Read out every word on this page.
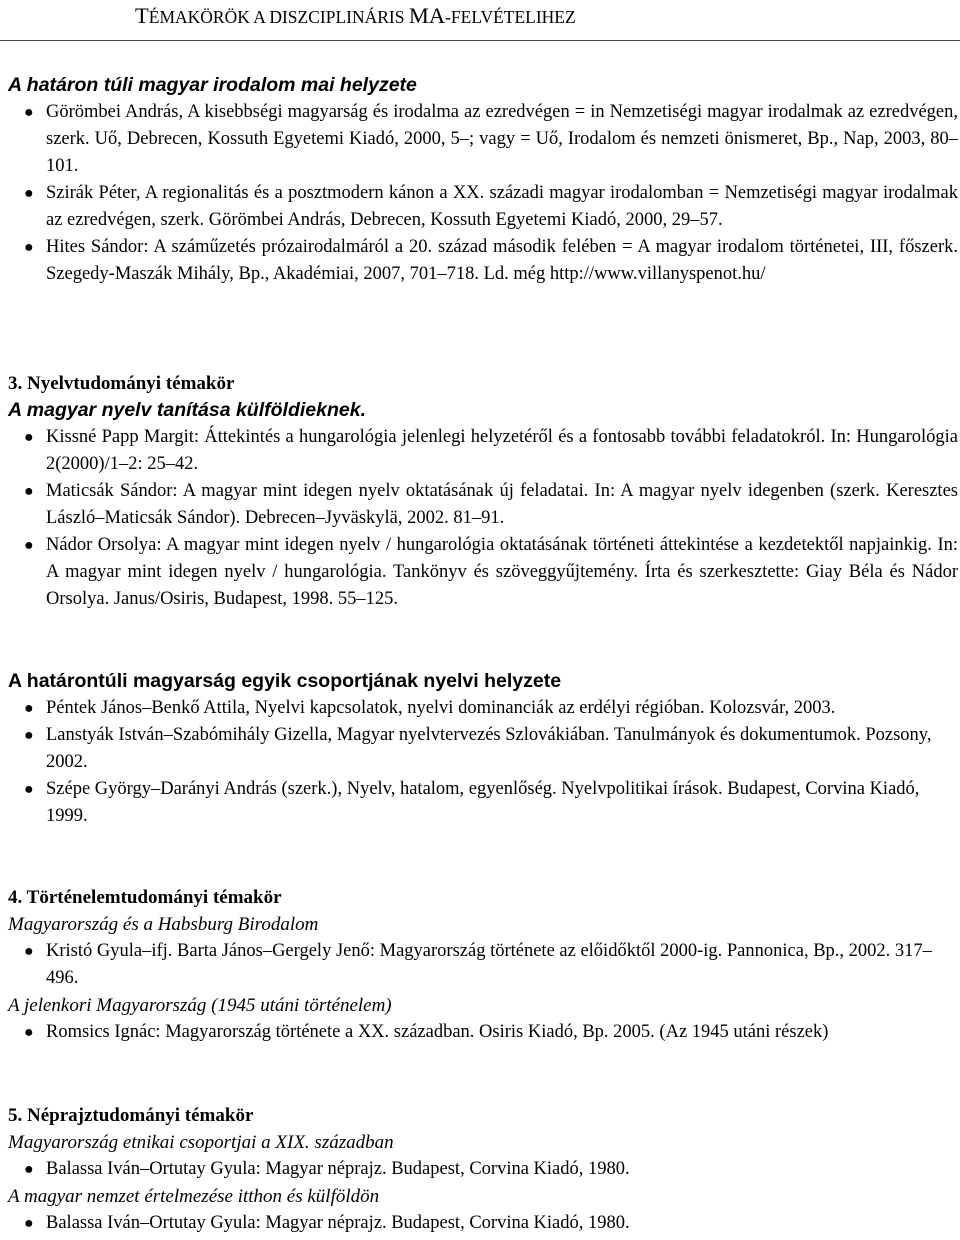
TÉMAKÖRÖK A DISZCIPLINÁRIS MA-FELVÉTELIHEZ
A határon túli magyar irodalom mai helyzete
● Görömbei András, A kisebbségi magyarság és irodalma az ezredvégen = in Nemzetiségi magyar irodalmak az ezredvégen, szerk. Uő, Debrecen, Kossuth Egyetemi Kiadó, 2000, 5–; vagy = Uő, Irodalom és nemzeti önismeret, Bp., Nap, 2003, 80–101.
● Szirák Péter, A regionalitás és a posztmodern kánon a XX. századi magyar irodalomban = Nemzetiségi magyar irodalmak az ezredvégen, szerk. Görömbei András, Debrecen, Kossuth Egyetemi Kiadó, 2000, 29–57.
● Hites Sándor: A száműzetés prózairodalmáról a 20. század második felében = A magyar irodalom történetei, III, főszerk. Szegedy-Maszák Mihály, Bp., Akadémiai, 2007, 701–718. Ld. még http://www.villanyspenot.hu/
3. Nyelvtudományi témakör
A magyar nyelv tanítása külföldieknek.
● Kissné Papp Margit: Áttekintés a hungarológia jelenlegi helyzetéről és a fontosabb további feladatokról. In: Hungarológia 2(2000)/1–2: 25–42.
● Maticsák Sándor: A magyar mint idegen nyelv oktatásának új feladatai. In: A magyar nyelv idegenben (szerk. Keresztes László–Maticsák Sándor). Debrecen–Jyväskylä, 2002. 81–91.
● Nádor Orsolya: A magyar mint idegen nyelv / hungarológia oktatásának történeti áttekintése a kezdetektől napjainkig. In: A magyar mint idegen nyelv / hungarológia. Tankönyv és szöveggyűjtemény. Írta és szerkesztette: Giay Béla és Nádor Orsolya. Janus/Osiris, Budapest, 1998. 55–125.
A határontúli magyarság egyik csoportjának nyelvi helyzete
● Péntek János–Benkő Attila, Nyelvi kapcsolatok, nyelvi dominanciák az erdélyi régióban. Kolozsvár, 2003.
● Lanstyák István–Szabómihály Gizella, Magyar nyelvtervezés Szlovákiában. Tanulmányok és dokumentumok. Pozsony, 2002.
● Szépe György–Darányi András (szerk.), Nyelv, hatalom, egyenlőség. Nyelvpolitikai írások. Budapest, Corvina Kiadó, 1999.
4. Történelemtudományi témakör
Magyarország és a Habsburg Birodalom
● Kristó Gyula–ifj. Barta János–Gergely Jenő: Magyarország története az előidőktől 2000-ig. Pannonica, Bp., 2002. 317–496.
A jelenkori Magyarország (1945 utáni történelem)
● Romsics Ignác: Magyarország története a XX. században. Osiris Kiadó, Bp. 2005. (Az 1945 utáni részek)
5. Néprajztudományi témakör
Magyarország etnikai csoportjai a XIX. században
● Balassa Iván–Ortutay Gyula: Magyar néprajz. Budapest, Corvina Kiadó, 1980.
A magyar nemzet értelmezése itthon és külföldön
● Balassa Iván–Ortutay Gyula: Magyar néprajz. Budapest, Corvina Kiadó, 1980.
